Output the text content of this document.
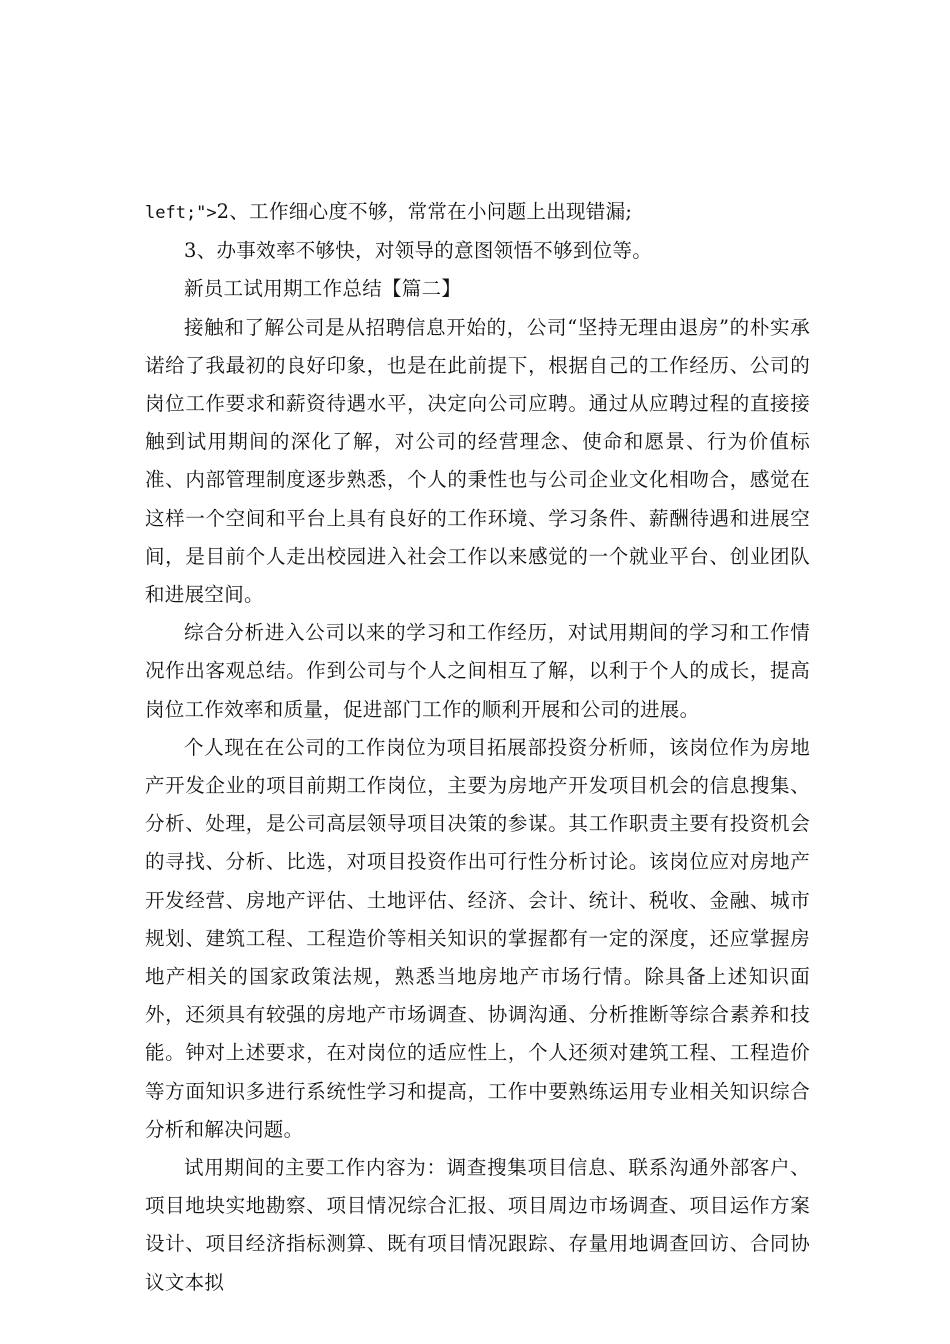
left;">2、工作细心度不够，常常在小问题上出现错漏;

3、办事效率不够快，对领导的意图领悟不够到位等。

新员工试用期工作总结【篇二】

接触和了解公司是从招聘信息开始的，公司“坚持无理由退房”的朴实承诺给了我最初的良好印象，也是在此前提下，根据自己的工作经历、公司的岗位工作要求和薪资待遇水平，决定向公司应聘。通过从应聘过程的直接接触到试用期间的深化了解，对公司的经营理念、使命和愿景、行为价值标准、内部管理制度逐步熟悉，个人的秉性也与公司企业文化相吻合，感觉在这样一个空间和平台上具有良好的工作环境、学习条件、薪酬待遇和进展空间，是目前个人走出校园进入社会工作以来感觉的一个就业平台、创业团队和进展空间。

综合分析进入公司以来的学习和工作经历，对试用期间的学习和工作情况作出客观总结。作到公司与个人之间相互了解，以利于个人的成长，提高岗位工作效率和质量，促进部门工作的顺利开展和公司的进展。

个人现在在公司的工作岗位为项目拓展部投资分析师，该岗位作为房地产开发企业的项目前期工作岗位，主要为房地产开发项目机会的信息搜集、分析、处理，是公司高层领导项目决策的参谋。其工作职责主要有投资机会的寻找、分析、比选，对项目投资作出可行性分析讨论。该岗位应对房地产开发经营、房地产评估、土地评估、经济、会计、统计、税收、金融、城市规划、建筑工程、工程造价等相关知识的掌握都有一定的深度，还应掌握房地产相关的国家政策法规，熟悉当地房地产市场行情。除具备上述知识面外，还须具有较强的房地产市场调查、协调沟通、分析推断等综合素养和技能。钟对上述要求，在对岗位的适应性上，个人还须对建筑工程、工程造价等方面知识多进行系统性学习和提高，工作中要熟练运用专业相关知识综合分析和解决问题。

试用期间的主要工作内容为：调查搜集项目信息、联系沟通外部客户、项目地块实地勘察、项目情况综合汇报、项目周边市场调查、项目运作方案设计、项目经济指标测算、既有项目情况跟踪、存量用地调查回访、合同协议文本拟
